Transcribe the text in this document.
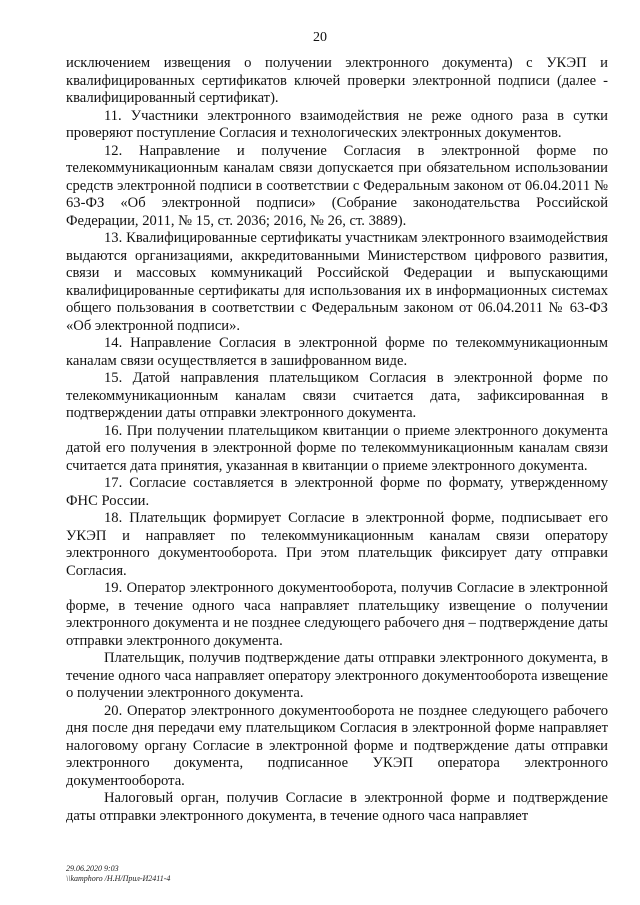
20

исключением извещения о получении электронного документа) с УКЭП и квалифицированных сертификатов ключей проверки электронной подписи (далее - квалифицированный сертификат).

11. Участники электронного взаимодействия не реже одного раза в сутки проверяют поступление Согласия и технологических электронных документов.

12. Направление и получение Согласия в электронной форме по телекоммуникационным каналам связи допускается при обязательном использовании средств электронной подписи в соответствии с Федеральным законом от 06.04.2011 № 63-ФЗ «Об электронной подписи» (Собрание законодательства Российской Федерации, 2011, № 15, ст. 2036; 2016, № 26, ст. 3889).

13. Квалифицированные сертификаты участникам электронного взаимодействия выдаются организациями, аккредитованными Министерством цифрового развития, связи и массовых коммуникаций Российской Федерации и выпускающими квалифицированные сертификаты для использования их в информационных системах общего пользования в соответствии с Федеральным законом от 06.04.2011 № 63-ФЗ «Об электронной подписи».

14. Направление Согласия в электронной форме по телекоммуникационным каналам связи осуществляется в зашифрованном виде.

15. Датой направления плательщиком Согласия в электронной форме по телекоммуникационным каналам связи считается дата, зафиксированная в подтверждении даты отправки электронного документа.

16. При получении плательщиком квитанции о приеме электронного документа датой его получения в электронной форме по телекоммуникационным каналам связи считается дата принятия, указанная в квитанции о приеме электронного документа.

17. Согласие составляется в электронной форме по формату, утвержденному ФНС России.

18. Плательщик формирует Согласие в электронной форме, подписывает его УКЭП и направляет по телекоммуникационным каналам связи оператору электронного документооборота. При этом плательщик фиксирует дату отправки Согласия.

19. Оператор электронного документооборота, получив Согласие в электронной форме, в течение одного часа направляет плательщику извещение о получении электронного документа и не позднее следующего рабочего дня – подтверждение даты отправки электронного документа.

Плательщик, получив подтверждение даты отправки электронного документа, в течение одного часа направляет оператору электронного документооборота извещение о получении электронного документа.

20. Оператор электронного документооборота не позднее следующего рабочего дня после дня передачи ему плательщиком Согласия в электронной форме направляет налоговому органу Согласие в электронной форме и подтверждение даты отправки электронного документа, подписанное УКЭП оператора электронного документооборота.

Налоговый орган, получив Согласие в электронной форме и подтверждение даты отправки электронного документа, в течение одного часа направляет

29.06.2020 9:03
\\kamphoro /Н.Н/Прил-И2411-4
